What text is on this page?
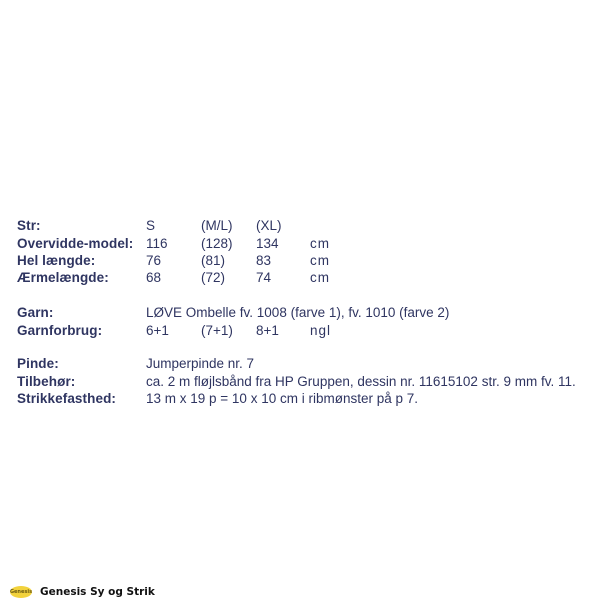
Str:	S	(M/L) (XL)
Overvidde-model: 116 (128) 134 cm
Hel længde:	76	(81) 83	cm
Ærmelængde:	68	(72) 74	cm
Garn:	LØVE Ombelle fv. 1008 (farve 1), fv. 1010 (farve 2)
Garnforbrug:	6+1 (7+1) 8+1 ngl
Pinde:	Jumperpinde nr. 7
Tilbehør:	ca. 2 m fløjlsbånd fra HP Gruppen, dessin nr. 11615102 str. 9 mm fv. 11.
Strikkefasthed: 13 m x 19 p = 10 x 10 cm i ribmønster på p 7.
Genesis Genesis Sy og Strik
